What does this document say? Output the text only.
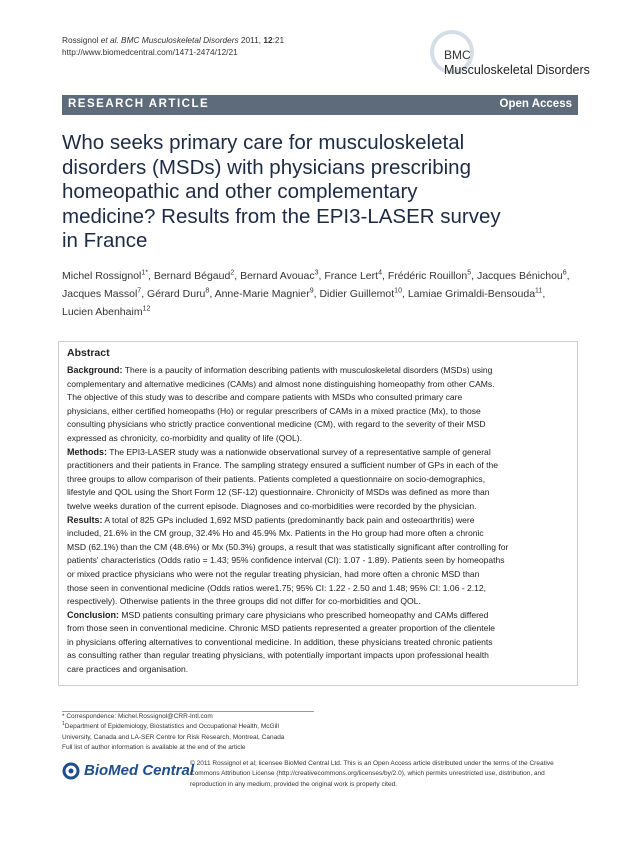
Rossignol et al. BMC Musculoskeletal Disorders 2011, 12:21
http://www.biomedcentral.com/1471-2474/12/21	BMC
Musculoskeletal Disorders
RESEARCH ARTICLE	Open Access
Who seeks primary care for musculoskeletal
disorders (MSDs) with physicians prescribing
homeopathic and other complementary
medicine? Results from the EPI3-LASER survey
in France
Michel Rossignol$^{1*}$, Bernard Bégaud$^2$, Bernard Avouac$^3$, France Lert$^4$, Frédéric Rouillon$^5$, Jacques Bénichou$^6$,
Jacques Massol$^7$, Gérard Duru$^8$, Anne-Marie Magnier$^9$, Didier Guillemot$^{10}$, Lamiae Grimaldi-Bensouda$^{11}$,
Lucien Abenhaim$^{12}$
Abstract
Background: There is a paucity of information describing patients with musculoskeletal disorders (MSDs) using
complementary and alternative medicines (CAMs) and almost none distinguishing homeopathy from other CAMs.
The objective of this study was to describe and compare patients with MSDs who consulted primary care
physicians, either certified homeopaths (Ho) or regular prescribers of CAMs in a mixed practice (Mx), to those
consulting physicians who strictly practice conventional medicine (CM), with regard to the severity of their MSD
expressed as chronicity, co-morbidity and quality of life (QOL).
Methods: The EPI3-LASER study was a nationwide observational survey of a representative sample of general
practitioners and their patients in France. The sampling strategy ensured a sufficient number of GPs in each of the
three groups to allow comparison of their patients. Patients completed a questionnaire on socio-demographics,
lifestyle and QOL using the Short Form 12 (SF-12) questionnaire. Chronicity of MSDs was defined as more than
twelve weeks duration of the current episode. Diagnoses and co-morbidities were recorded by the physician.
Results: A total of 825 GPs included 1,692 MSD patients (predominantly back pain and osteoarthritis) were
included, 21.6% in the CM group, 32.4% Ho and 45.9% Mx. Patients in the Ho group had more often a chronic
MSD (62.1%) than the CM (48.6%) or Mx (50.3%) groups, a result that was statistically significant after controlling for
patients' characteristics (Odds ratio = 1.43; 95% confidence interval (CI): 1.07 - 1.89). Patients seen by homeopaths
or mixed practice physicians who were not the regular treating physician, had more often a chronic MSD than
those seen in conventional medicine (Odds ratios were1.75; 95% CI: 1.22 - 2.50 and 1.48; 95% CI: 1.06 - 2.12,
respectively). Otherwise patients in the three groups did not differ for co-morbidities and QOL.
Conclusion: MSD patients consulting primary care physicians who prescribed homeopathy and CAMs differed
from those seen in conventional medicine. Chronic MSD patients represented a greater proportion of the clientele
in physicians offering alternatives to conventional medicine. In addition, these physicians treated chronic patients
as consulting rather than regular treating physicians, with potentially important impacts upon professional health
care practices and organisation.
* Correspondence: Michel.Rossignol@CRR-Intl.com
$^1$Department of Epidemiology, Biostatistics and Occupational Health, McGill
University, Canada and LA-SER Centre for Risk Research, Montreal, Canada
Full list of author information is available at the end of the article
BioMed Central
© 2011 Rossignol et al; licensee BioMed Central Ltd. This is an Open Access article distributed under the terms of the Creative
Commons Attribution License (http://creativecommons.org/licenses/by/2.0), which permits unrestricted use, distribution, and
reproduction in any medium, provided the original work is properly cited.
